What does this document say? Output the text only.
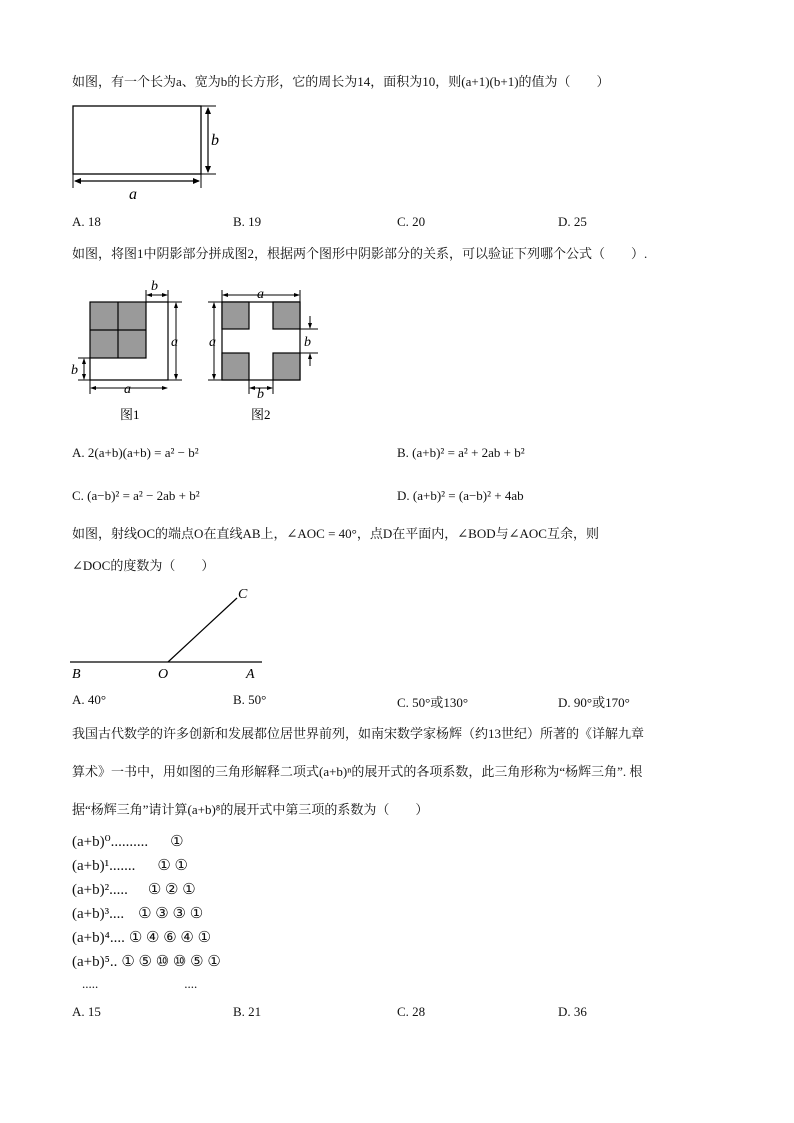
如图，有一个长为a、宽为b的长方形，它的周长为14，面积为10，则(a+1)(b+1)的值为（　　）
b
a
A. 18	B. 19	C. 20	D. 25
如图，将图1中阴影部分拼成图2，根据两个图形中阴影部分的关系，可以验证下列哪个公式（　　）.
b
a
b
a
图1
a
a	b
b
图2
A. 2(a+b)(a+b) = a² − b²	B. (a+b)² = a² + 2ab + b²
C. (a−b)² = a² − 2ab + b²	D. (a+b)² = (a−b)² + 4ab
如图，射线OC的端点O在直线AB上，∠AOC = 40°，点D在平面内，∠BOD与∠AOC互余，则
∠DOC的度数为（　　）
C
B	O	A
A. 40°	B. 50°	C. 50°或130°	D. 90°或170°
我国古代数学的许多创新和发展都位居世界前列，如南宋数学家杨辉（约13世纪）所著的《详解九章
算术》一书中，用如图的三角形解释二项式(a+b)ⁿ的展开式的各项系数，此三角形称为“杨辉三角”. 根
据“杨辉三角”请计算(a+b)⁸的展开式中第三项的系数为（　　）
(a+b)⁰.......... ①
(a+b)¹....... ① ①
(a+b)²..... ① ② ①
(a+b)³.... ① ③ ③ ①
(a+b)⁴.... ① ④ ⑥ ④ ①
(a+b)⁵.. ① ⑤ ⑩ ⑩ ⑤ ①
.....	....
A. 15	B. 21	C. 28	D. 36
